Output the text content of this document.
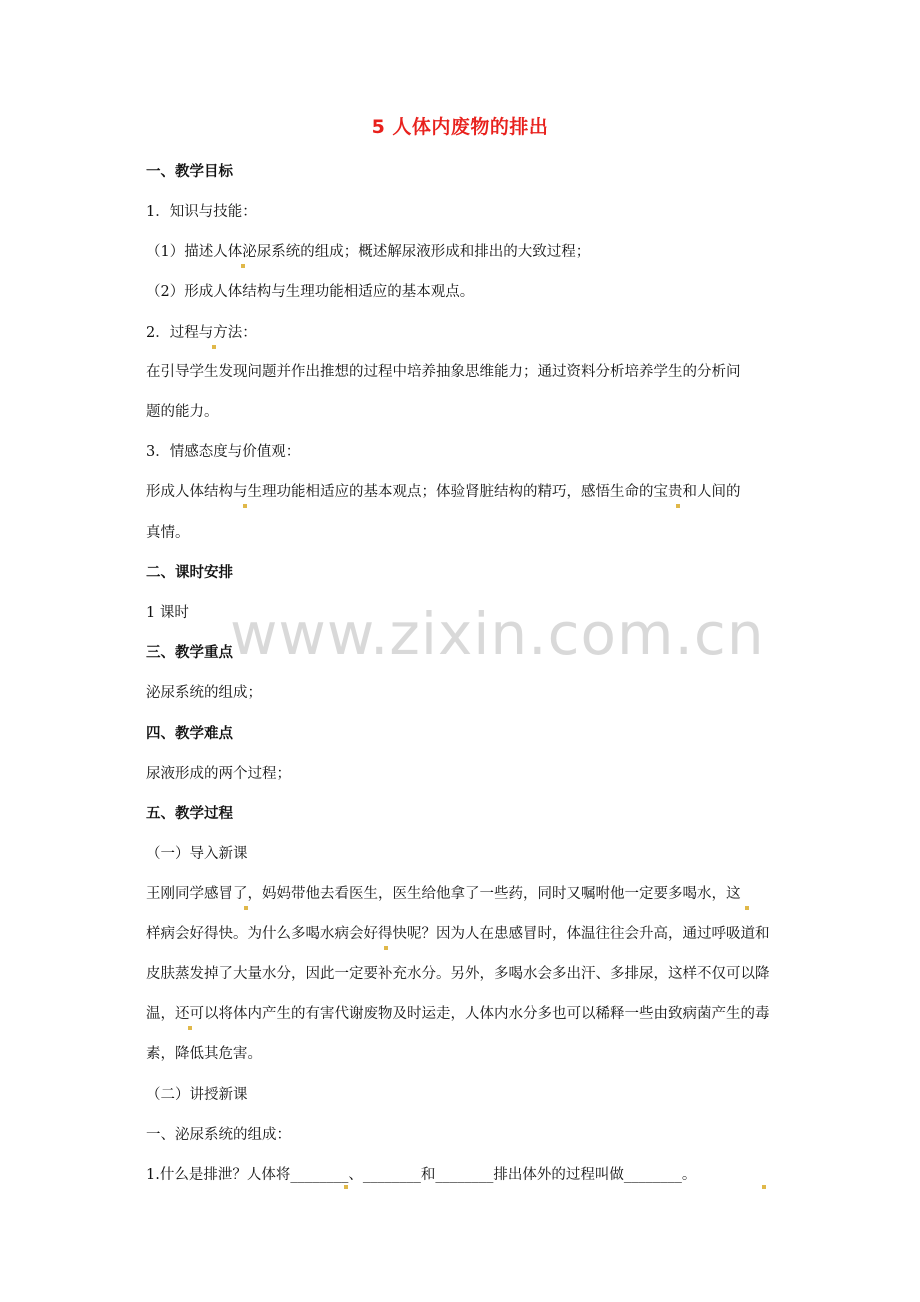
5 人体内废物的排出
一、教学目标
1．知识与技能：
（1）描述人体泌尿系统的组成；概述解尿液形成和排出的大致过程；
（2）形成人体结构与生理功能相适应的基本观点。
2．过程与方法：
在引导学生发现问题并作出推想的过程中培养抽象思维能力；通过资料分析培养学生的分析问
题的能力。
3．情感态度与价值观：
形成人体结构与生理功能相适应的基本观点；体验肾脏结构的精巧，感悟生命的宝贵和人间的
真情。
二、课时安排
1 课时
三、教学重点
泌尿系统的组成；
四、教学难点
尿液形成的两个过程；
五、教学过程
（一）导入新课
王刚同学感冒了，妈妈带他去看医生，医生给他拿了一些药，同时又嘱咐他一定要多喝水，这
样病会好得快。为什么多喝水病会好得快呢？因为人在患感冒时，体温往往会升高，通过呼吸道和
皮肤蒸发掉了大量水分，因此一定要补充水分。另外，多喝水会多出汗、多排尿，这样不仅可以降
温，还可以将体内产生的有害代谢废物及时运走，人体内水分多也可以稀释一些由致病菌产生的毒
素，降低其危害。
（二）讲授新课
一、泌尿系统的组成：
1.什么是排泄？人体将________、________和________排出体外的过程叫做________。
www.zixin.com.cn
